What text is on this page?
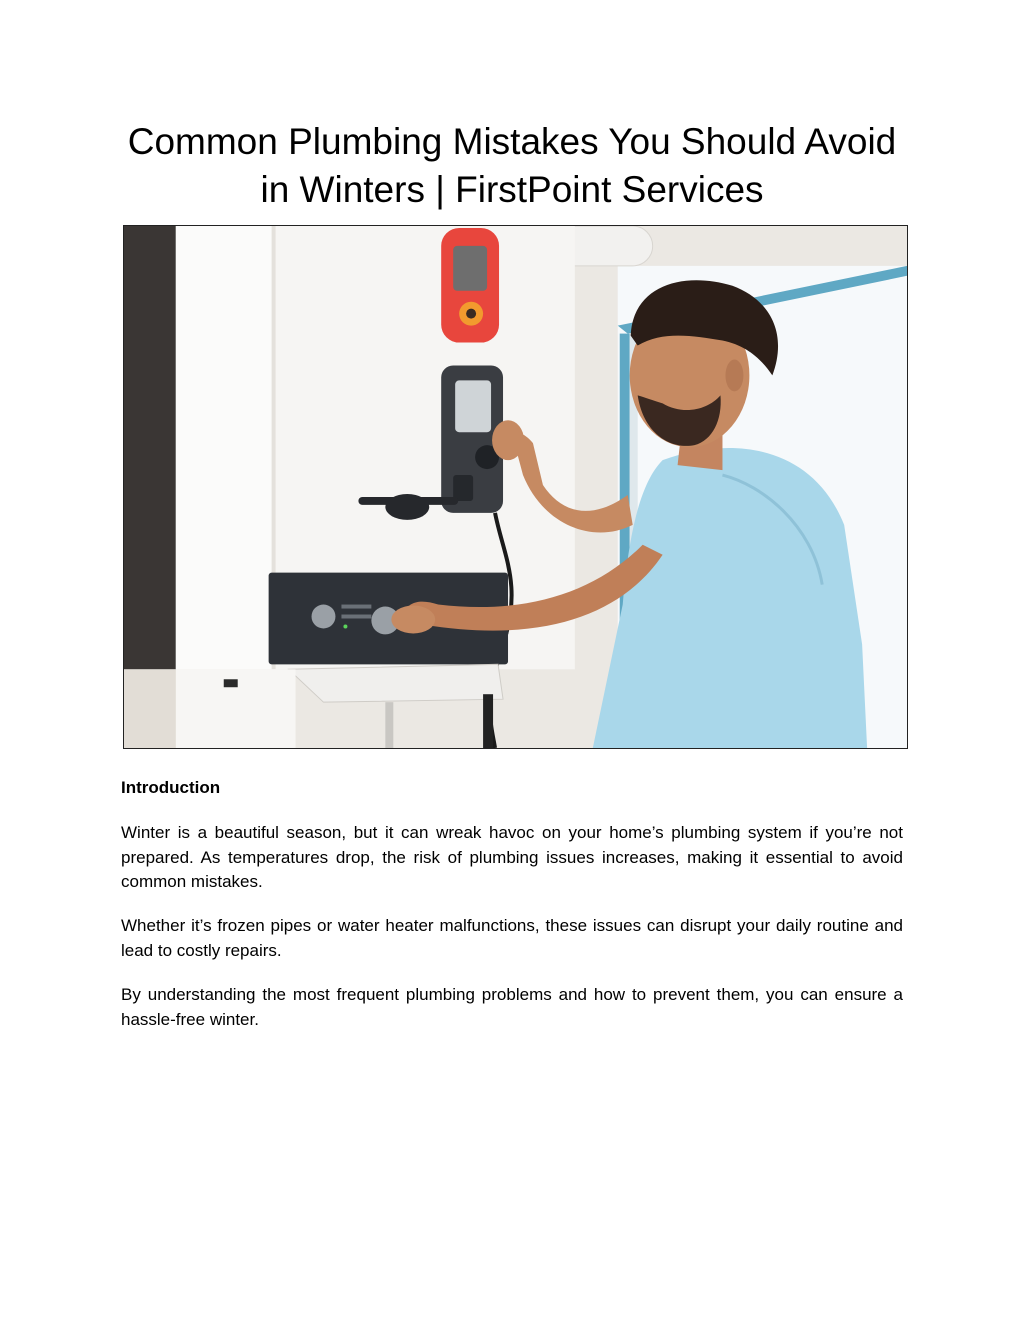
Common Plumbing Mistakes You Should Avoid in Winters | FirstPoint Services
Introduction

Winter is a beautiful season, but it can wreak havoc on your home’s plumbing system if you’re not prepared. As temperatures drop, the risk of plumbing issues increases, making it essential to avoid common mistakes.

Whether it’s frozen pipes or water heater malfunctions, these issues can disrupt your daily routine and lead to costly repairs.

By understanding the most frequent plumbing problems and how to prevent them, you can ensure a hassle-free winter.
